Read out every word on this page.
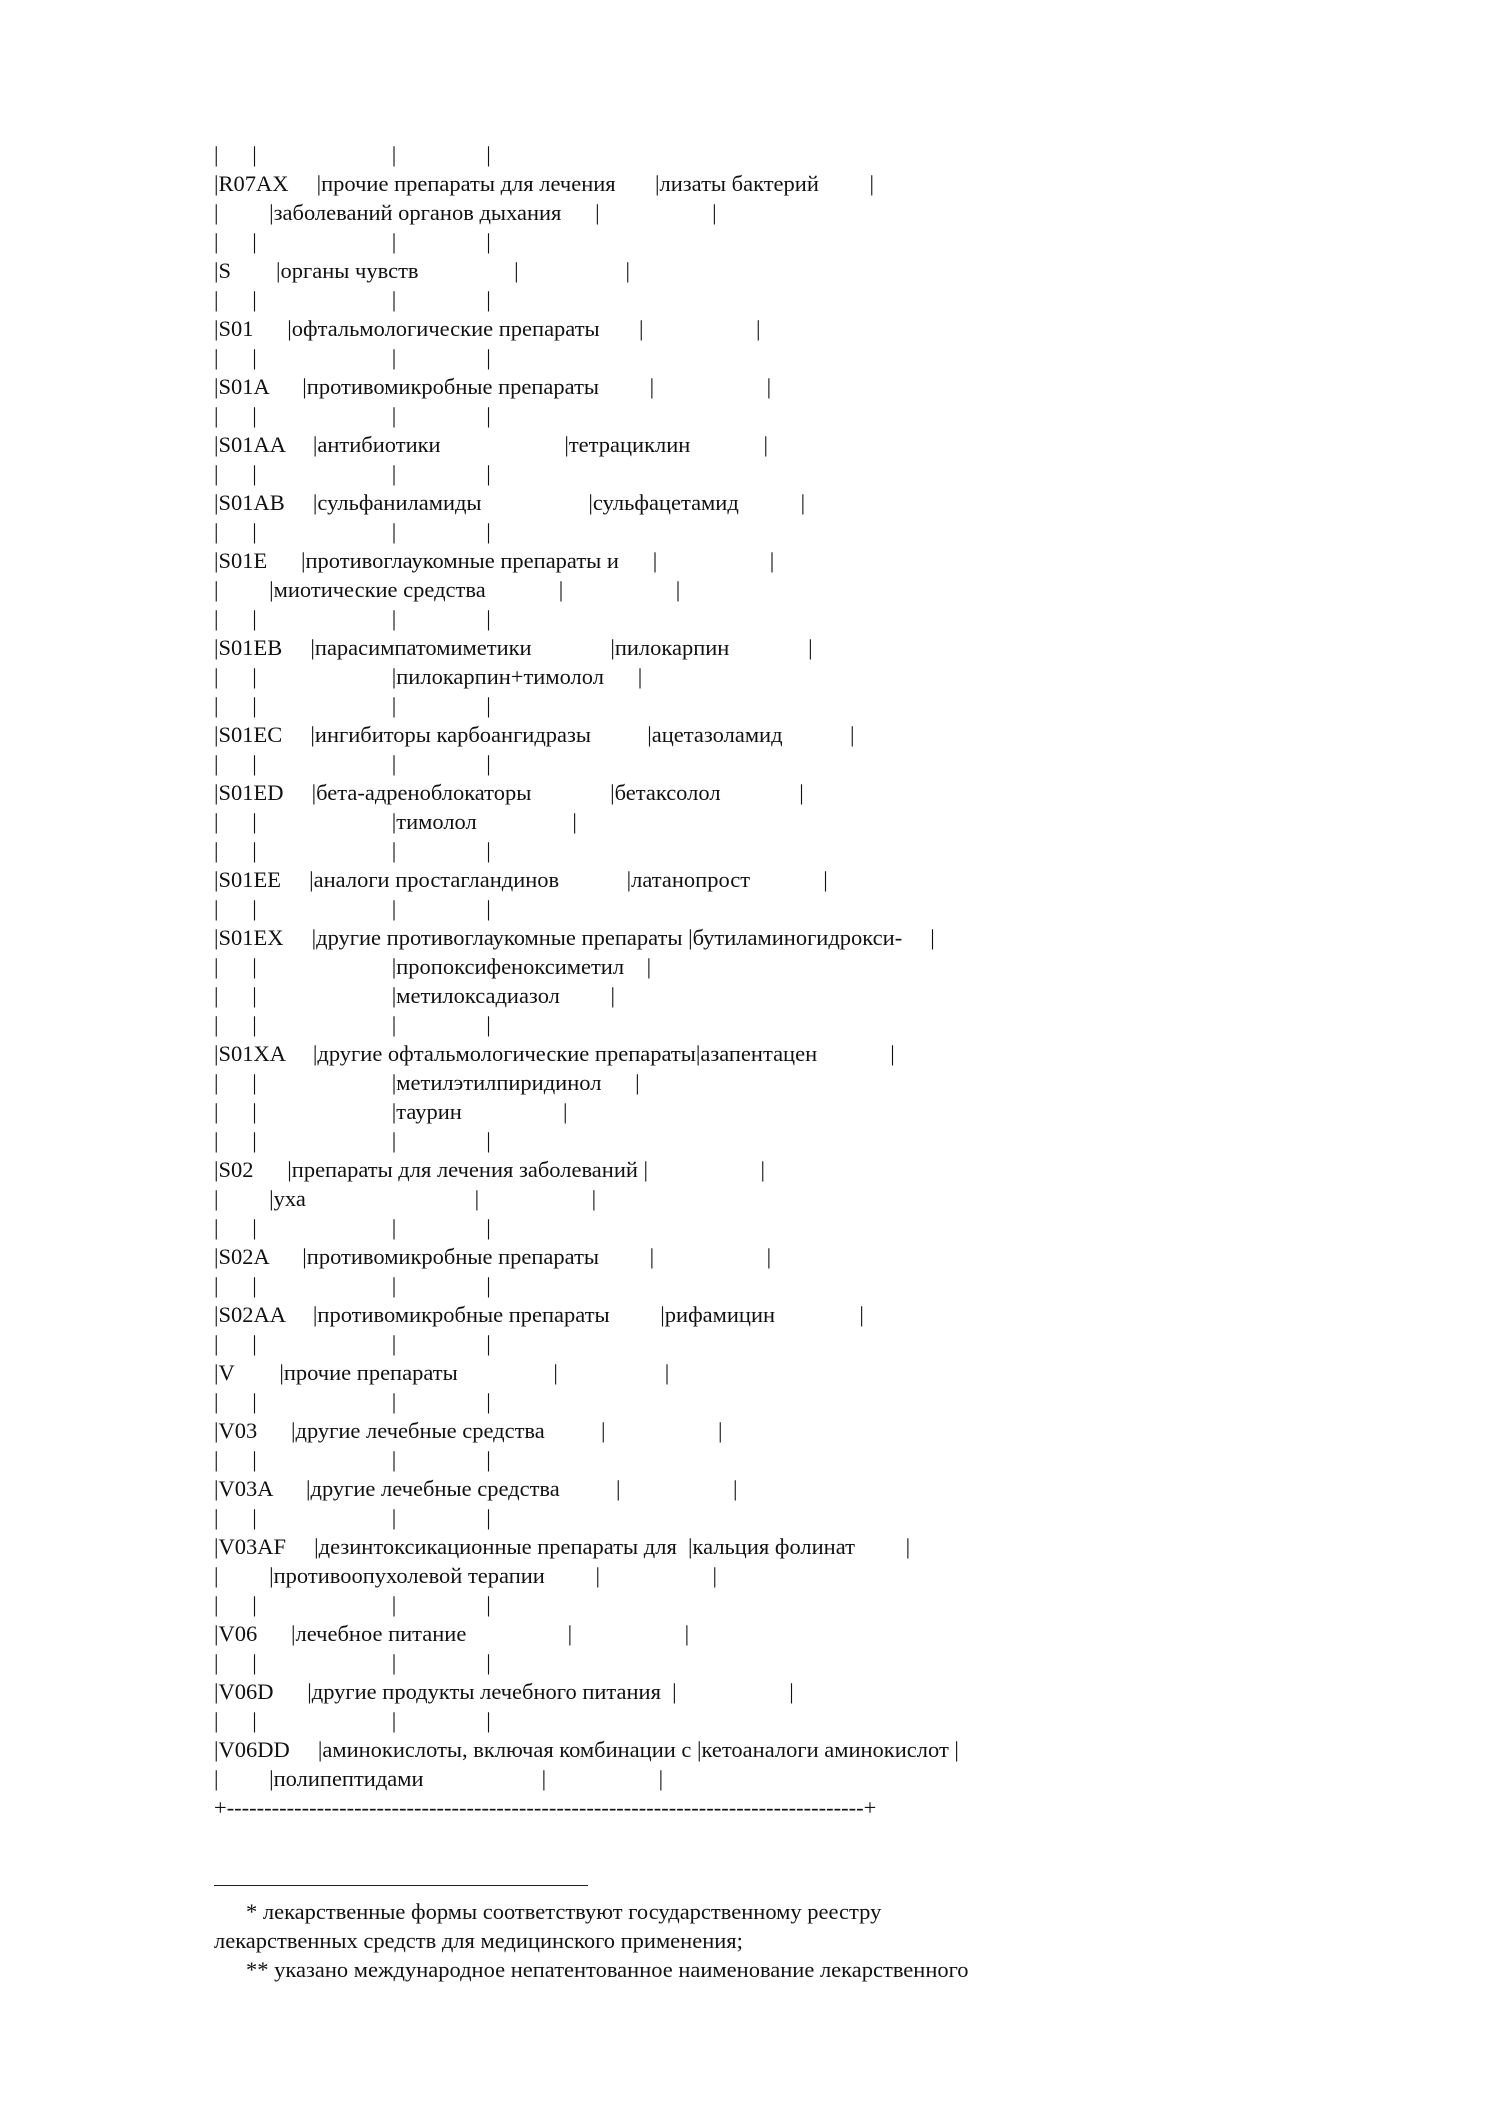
|      |                        |                |
|R07AX     |прочие препараты для лечения       |лизаты бактерий         |
|         |заболеваний органов дыхания      |                    |
|      |                        |                |
|S        |органы чувств                 |                   |
|      |                        |                |
|S01      |офтальмологические препараты       |                    |
|      |                        |                |
|S01A      |противомикробные препараты         |                    |
|      |                        |                |
|S01AA     |антибиотики                      |тетрациклин             |
|      |                        |                |
|S01AB     |сульфаниламиды                   |сульфацетамид           |
|      |                        |                |
|S01E      |противоглаукомные препараты и      |                    |
|         |миотические средства             |                    |
|      |                        |                |
|S01EB     |парасимпатомиметики              |пилокарпин              |
|      |                        |пилокарпин+тимолол      |
|      |                        |                |
|S01EC     |ингибиторы карбоангидразы          |ацетазоламид            |
|      |                        |                |
|S01ED     |бета-адреноблокаторы              |бетаксолол              |
|      |                        |тимолол                 |
|      |                        |                |
|S01EE     |аналоги простагландинов            |латанопрост             |
|      |                        |                |
|S01EX     |другие противоглаукомные препараты |бутиламиногидрокси-     |
|      |                        |пропоксифеноксиметил    |
|      |                        |метилоксадиазол         |
|      |                        |                |
|S01XA     |другие офтальмологические препараты|азапентацен             |
|      |                        |метилэтилпиридинол      |
|      |                        |таурин                  |
|      |                        |                |
|S02      |препараты для лечения заболеваний |                    |
|         |уха                              |                    |
|      |                        |                |
|S02A      |противомикробные препараты         |                    |
|      |                        |                |
|S02AA     |противомикробные препараты         |рифамицин               |
|      |                        |                |
|V        |прочие препараты                 |                   |
|      |                        |                |
|V03      |другие лечебные средства          |                    |
|      |                        |                |
|V03A      |другие лечебные средства          |                    |
|      |                        |                |
|V03AF     |дезинтоксикационные препараты для  |кальция фолинат         |
|         |противоопухолевой терапии         |                    |
|      |                        |                |
|V06      |лечебное питание                  |                    |
|      |                        |                |
|V06D      |другие продукты лечебного питания  |                    |
|      |                        |                |
|V06DD     |аминокислоты, включая комбинации с |кетоаналоги аминокислот |
|         |полипептидами                     |                    |
+-------------------------------------------------------------------------------------+

* лекарственные формы соответствуют государственному реестру

лекарственных средств для медицинского применения;

** указано международное непатентованное наименование лекарственного
